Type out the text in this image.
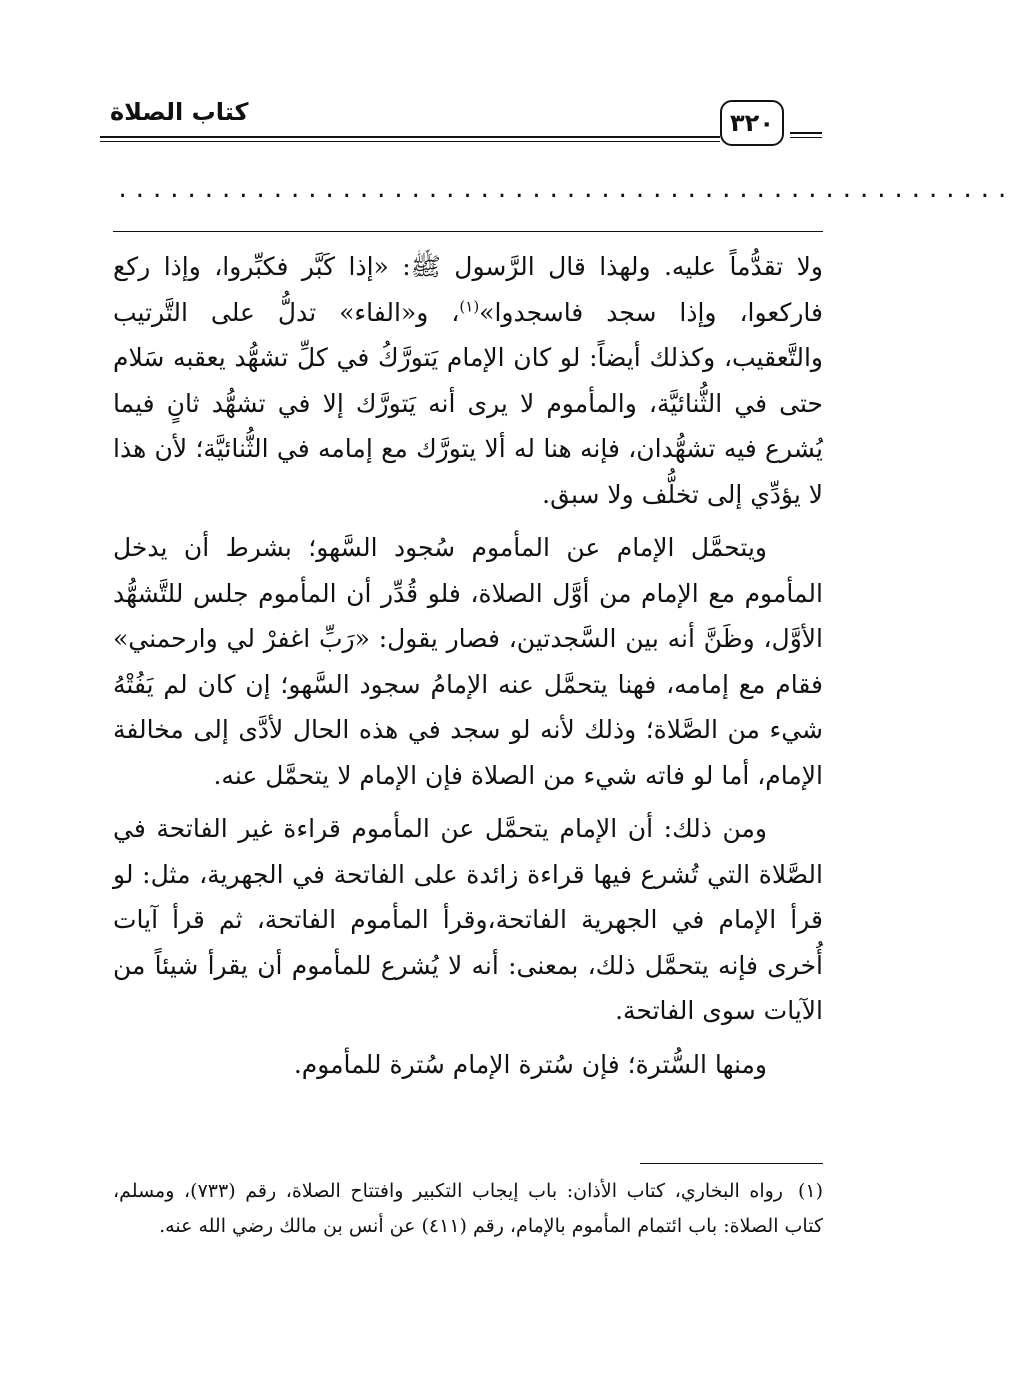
كتاب الصلاة	٣٢٠
....................................................

ولا تقدُّماً عليه. ولهذا قال الرَّسول ﷺ: «إذا كَبَّر فكبِّروا، وإذا ركع فاركعوا، وإذا سجد فاسجدوا»$^{(١)}$، و«الفاء» تدلُّ على التَّرتيب والتَّعقيب، وكذلك أيضاً: لو كان الإمام يَتورَّكُ في كلِّ تشهُّد يعقبه سَلام حتى في الثُّنائيَّة، والمأموم لا يرى أنه يَتورَّك إلا في تشهُّد ثانٍ فيما يُشرع فيه تشهُّدان، فإنه هنا له ألا يتورَّك مع إمامه في الثُّنائيَّة؛ لأن هذا لا يؤدِّي إلى تخلُّف ولا سبق.

ويتحمَّل الإمام عن المأموم سُجود السَّهو؛ بشرط أن يدخل المأموم مع الإمام من أوَّل الصلاة، فلو قُدِّر أن المأموم جلس للتَّشهُّد الأوَّل، وظَنَّ أنه بين السَّجدتين، فصار يقول: «رَبِّ اغفرْ لي وارحمني» فقام مع إمامه، فهنا يتحمَّل عنه الإمامُ سجود السَّهو؛ إن كان لم يَفُتْهُ شيء من الصَّلاة؛ وذلك لأنه لو سجد في هذه الحال لأدَّى إلى مخالفة الإمام، أما لو فاته شيء من الصلاة فإن الإمام لا يتحمَّل عنه.

ومن ذلك: أن الإمام يتحمَّل عن المأموم قراءة غير الفاتحة في الصَّلاة التي تُشرع فيها قراءة زائدة على الفاتحة في الجهرية، مثل: لو قرأ الإمام في الجهرية الفاتحة،وقرأ المأموم الفاتحة، ثم قرأ آيات أُخرى فإنه يتحمَّل ذلك، بمعنى: أنه لا يُشرع للمأموم أن يقرأ شيئاً من الآيات سوى الفاتحة.

ومنها السُّترة؛ فإن سُترة الإمام سُترة للمأموم.

(١)رواه البخاري، كتاب الأذان: باب إيجاب التكبير وافتتاح الصلاة، رقم (٧٣٣)، ومسلم، كتاب الصلاة: باب ائتمام المأموم بالإمام، رقم (٤١١) عن أنس بن مالك رضي الله عنه.
